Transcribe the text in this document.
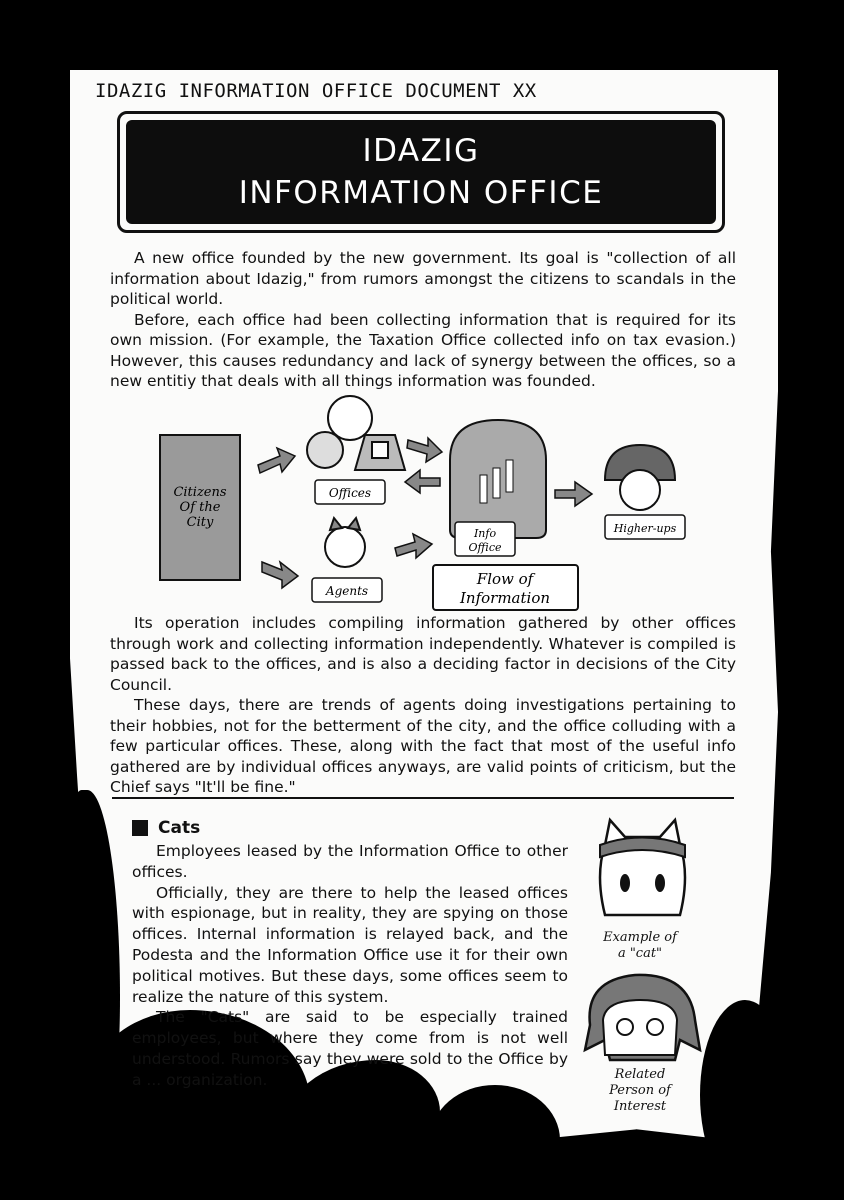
IDAZIG INFORMATION OFFICE DOCUMENT XX
IDAZIG
INFORMATION OFFICE

A new office founded by the new government. Its goal is "collection of all information about Idazig," from rumors amongst the citizens to scandals in the political world.

Before, each office had been collecting information that is required for its own mission. (For example, the Taxation Office collected info on tax evasion.) However, this causes redundancy and lack of synergy between the offices, so a new entitiy that deals with all things information was founded.

Citizens
Of the
City
Offices
Agents
Info
Office
Flow of
Information
Higher-ups

Its operation includes compiling information gathered by other offices through work and collecting information independently. Whatever is compiled is passed back to the offices, and is also a deciding factor in decisions of the City Council.

These days, there are trends of agents doing investigations pertaining to their hobbies, not for the betterment of the city, and the office colluding with a few particular offices. These, along with the fact that most of the useful info gathered are by individual offices anyways, are valid points of criticism, but the Chief says "It'll be fine."

Cats

Employees leased by the Information Office to other offices.

Officially, they are there to help the leased offices with espionage, but in reality, they are spying on those offices. Internal information is relayed back, and the Podesta and the Information Office use it for their own political motives. But these days, some offices seem to realize the nature of this system.

The "Cats" are said to be especially trained employees, but where they come from is not well understood. Rumors say they were sold to the Office by a ... organization.

Example of
a "cat"
Related
Person of
Interest
